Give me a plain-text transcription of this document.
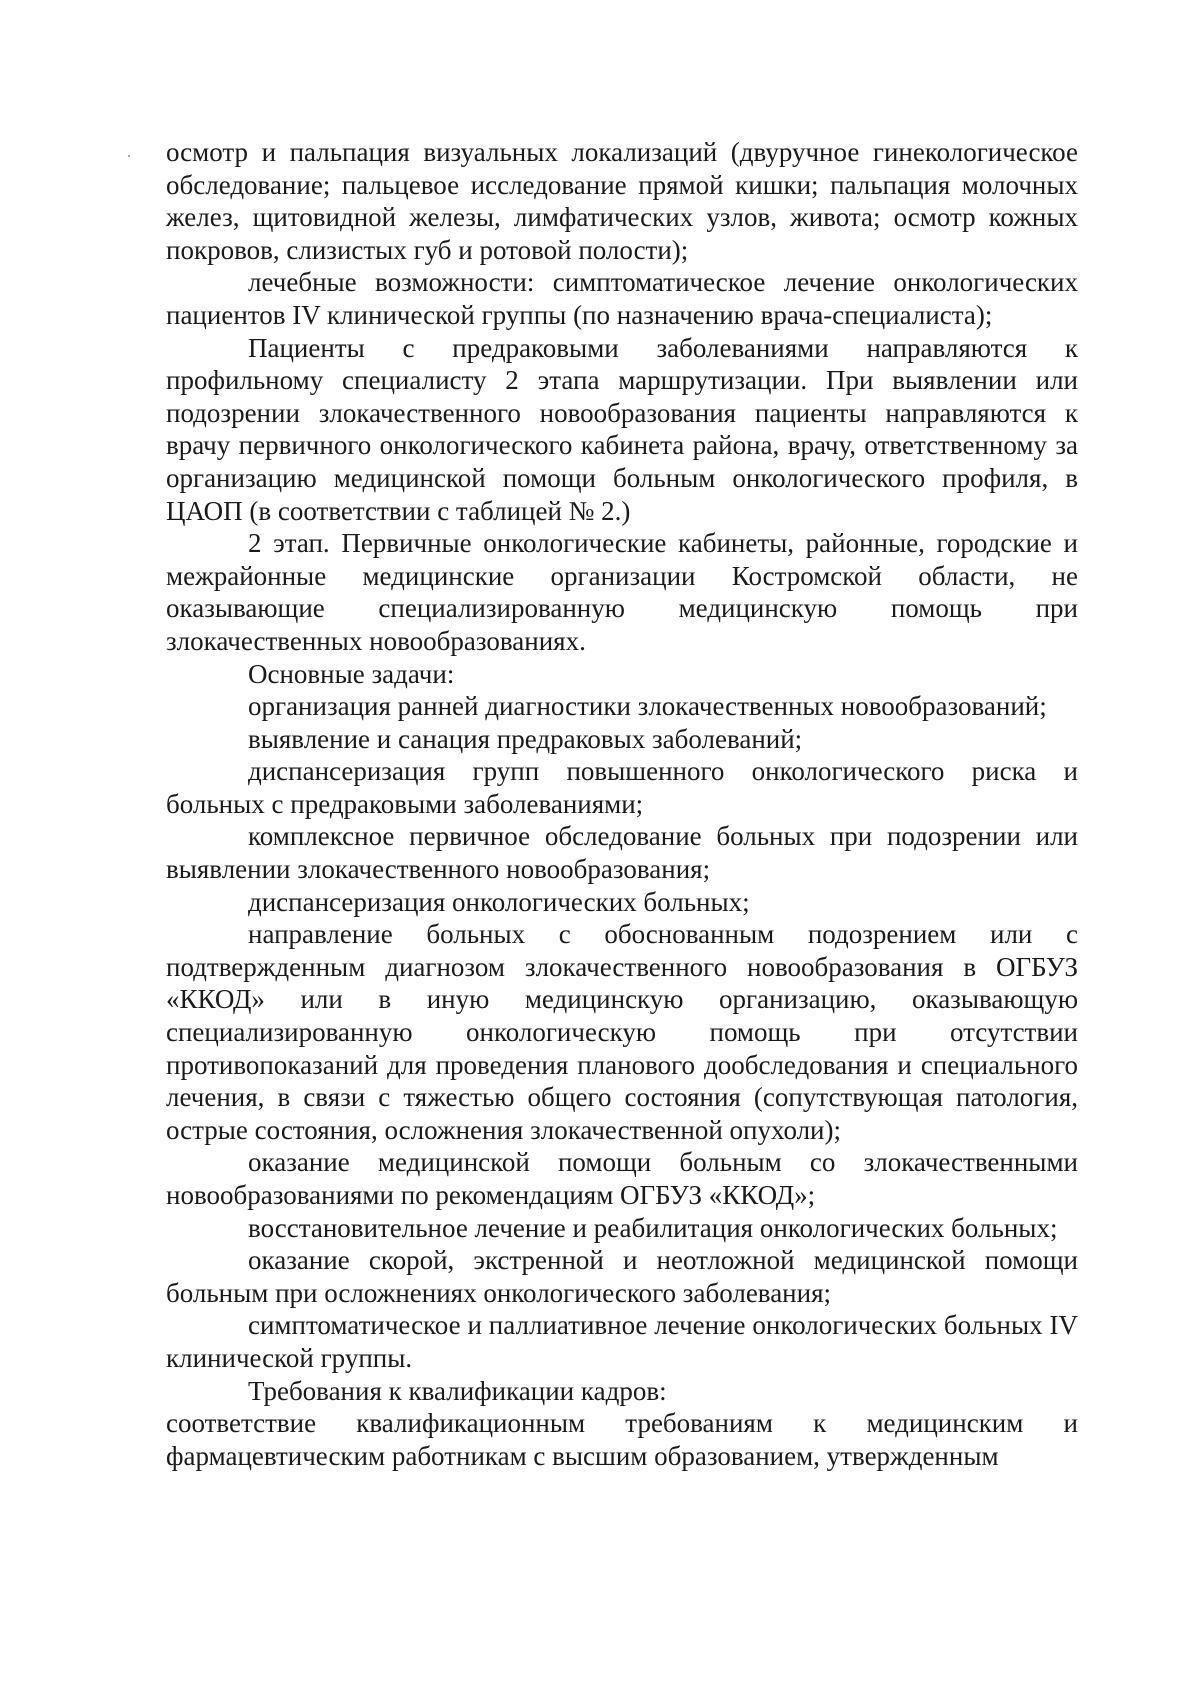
осмотр и пальпация визуальных локализаций (двуручное гинекологическое обследование; пальцевое исследование прямой кишки; пальпация молочных желез, щитовидной железы, лимфатических узлов, живота; осмотр кожных покровов, слизистых губ и ротовой полости);

лечебные возможности: симптоматическое лечение онкологических пациентов IV клинической группы (по назначению врача-специалиста);

Пациенты с предраковыми заболеваниями направляются к профильному специалисту 2 этапа маршрутизации. При выявлении или подозрении злокачественного новообразования пациенты направляются к врачу первичного онкологического кабинета района, врачу, ответственному за организацию медицинской помощи больным онкологического профиля, в ЦАОП (в соответствии с таблицей № 2.)

2 этап. Первичные онкологические кабинеты, районные, городские и межрайонные медицинские организации Костромской области, не оказывающие специализированную медицинскую помощь при злокачественных новообразованиях.

Основные задачи:

организация ранней диагностики злокачественных новообразований;

выявление и санация предраковых заболеваний;

диспансеризация групп повышенного онкологического риска и больных с предраковыми заболеваниями;

комплексное первичное обследование больных при подозрении или выявлении злокачественного новообразования;

диспансеризация онкологических больных;

направление больных с обоснованным подозрением или с подтвержденным диагнозом злокачественного новообразования в ОГБУЗ «ККОД» или в иную медицинскую организацию, оказывающую специализированную онкологическую помощь при отсутствии противопоказаний для проведения планового дообследования и специального лечения, в связи с тяжестью общего состояния (сопутствующая патология, острые состояния, осложнения злокачественной опухоли);

оказание медицинской помощи больным со злокачественными новообразованиями по рекомендациям ОГБУЗ «ККОД»;

восстановительное лечение и реабилитация онкологических больных;

оказание скорой, экстренной и неотложной медицинской помощи больным при осложнениях онкологического заболевания;

симптоматическое и паллиативное лечение онкологических больных IV клинической группы.

Требования к квалификации кадров:

соответствие квалификационным требованиям к медицинским и фармацевтическим работникам с высшим образованием, утвержденным
